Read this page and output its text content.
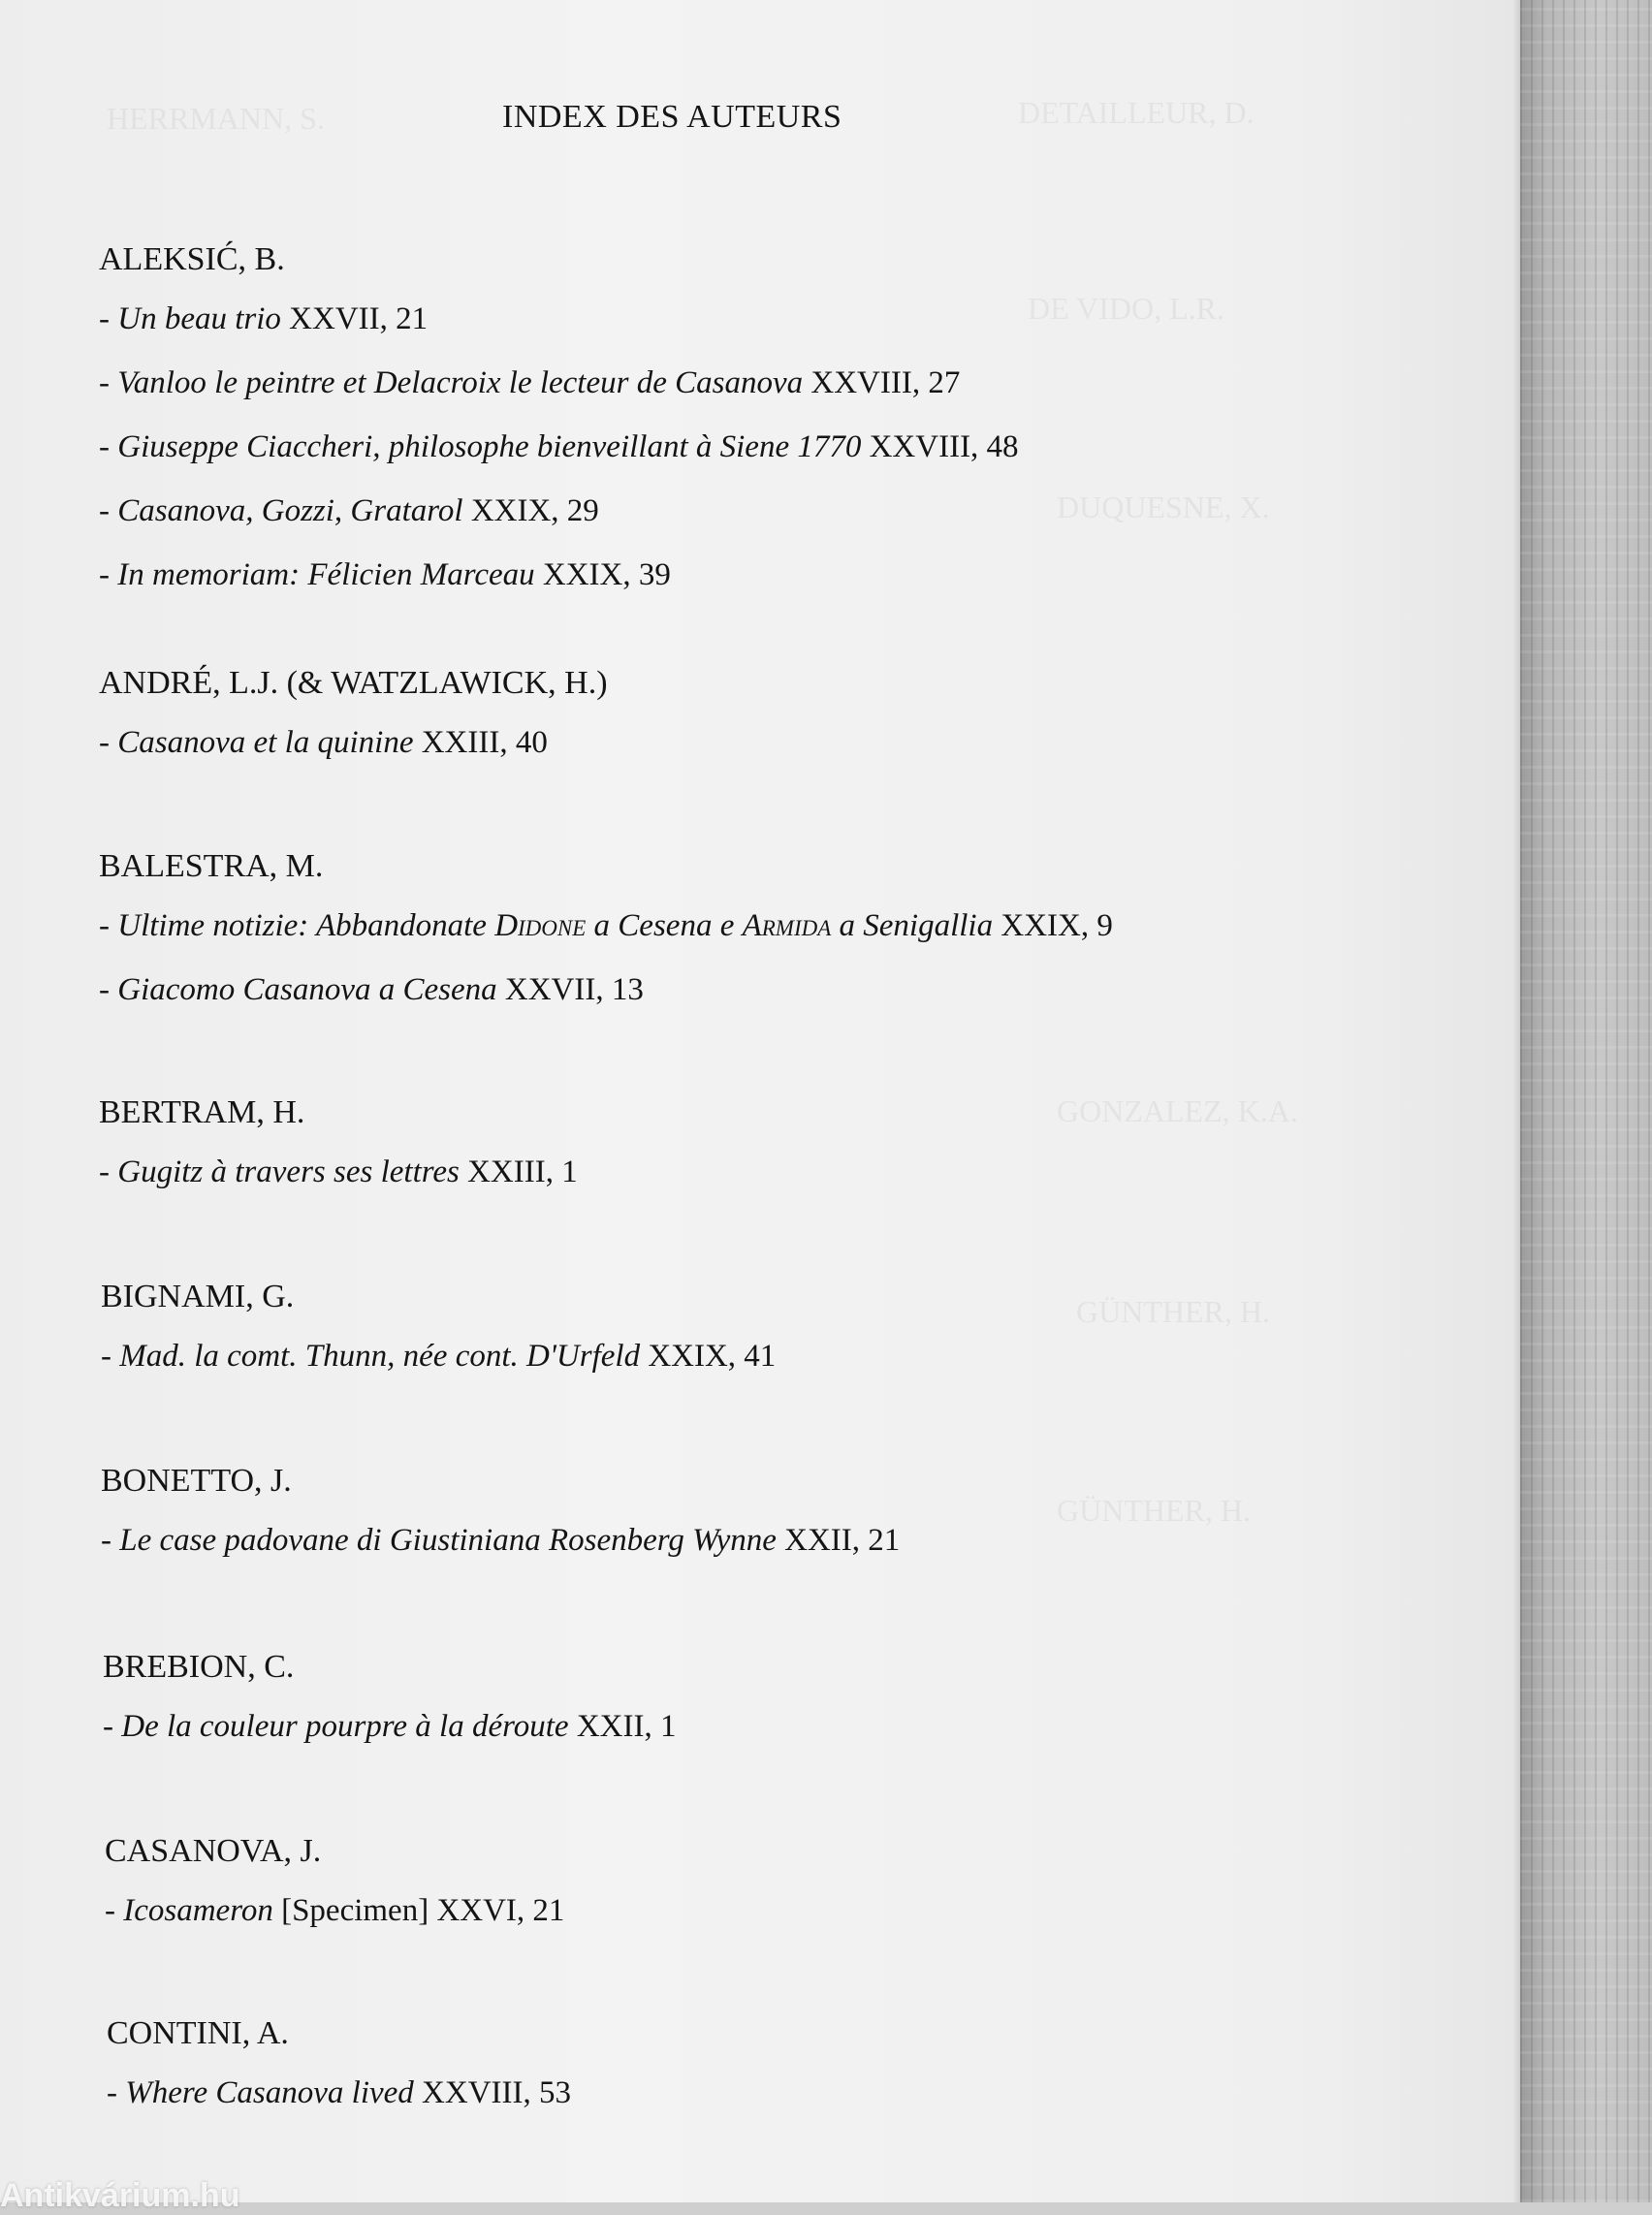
HERRMANN, S.	DETAILLEUR, D.
DE VIDO, L.R.
DUQUESNE, X.
GONZALEZ, K.A.
GÜNTHER, H.
GÜNTHER, H.
INDEX DES AUTEURS
ALEKSIĆ, B.
- Un beau trio XXVII, 21
- Vanloo le peintre et Delacroix le lecteur de Casanova XXVIII, 27
- Giuseppe Ciaccheri, philosophe bienveillant à Siene 1770 XXVIII, 48
- Casanova, Gozzi, Gratarol XXIX, 29
- In memoriam: Félicien Marceau XXIX, 39
ANDRÉ, L.J. (& WATZLAWICK, H.)
- Casanova et la quinine XXIII, 40
BALESTRA, M.
- Ultime notizie: Abbandonate Didone a Cesena e Armida a Senigallia XXIX, 9
- Giacomo Casanova a Cesena XXVII, 13
BERTRAM, H.
- Gugitz à travers ses lettres XXIII, 1
BIGNAMI, G.
- Mad. la comt. Thunn, née cont. D'Urfeld XXIX, 41
BONETTO, J.
- Le case padovane di Giustiniana Rosenberg Wynne XXII, 21
BREBION, C.
- De la couleur pourpre à la déroute XXII, 1
CASANOVA, J.
- Icosameron [Specimen] XXVI, 21
CONTINI, A.
- Where Casanova lived XXVIII, 53
Antikvárium.hu
